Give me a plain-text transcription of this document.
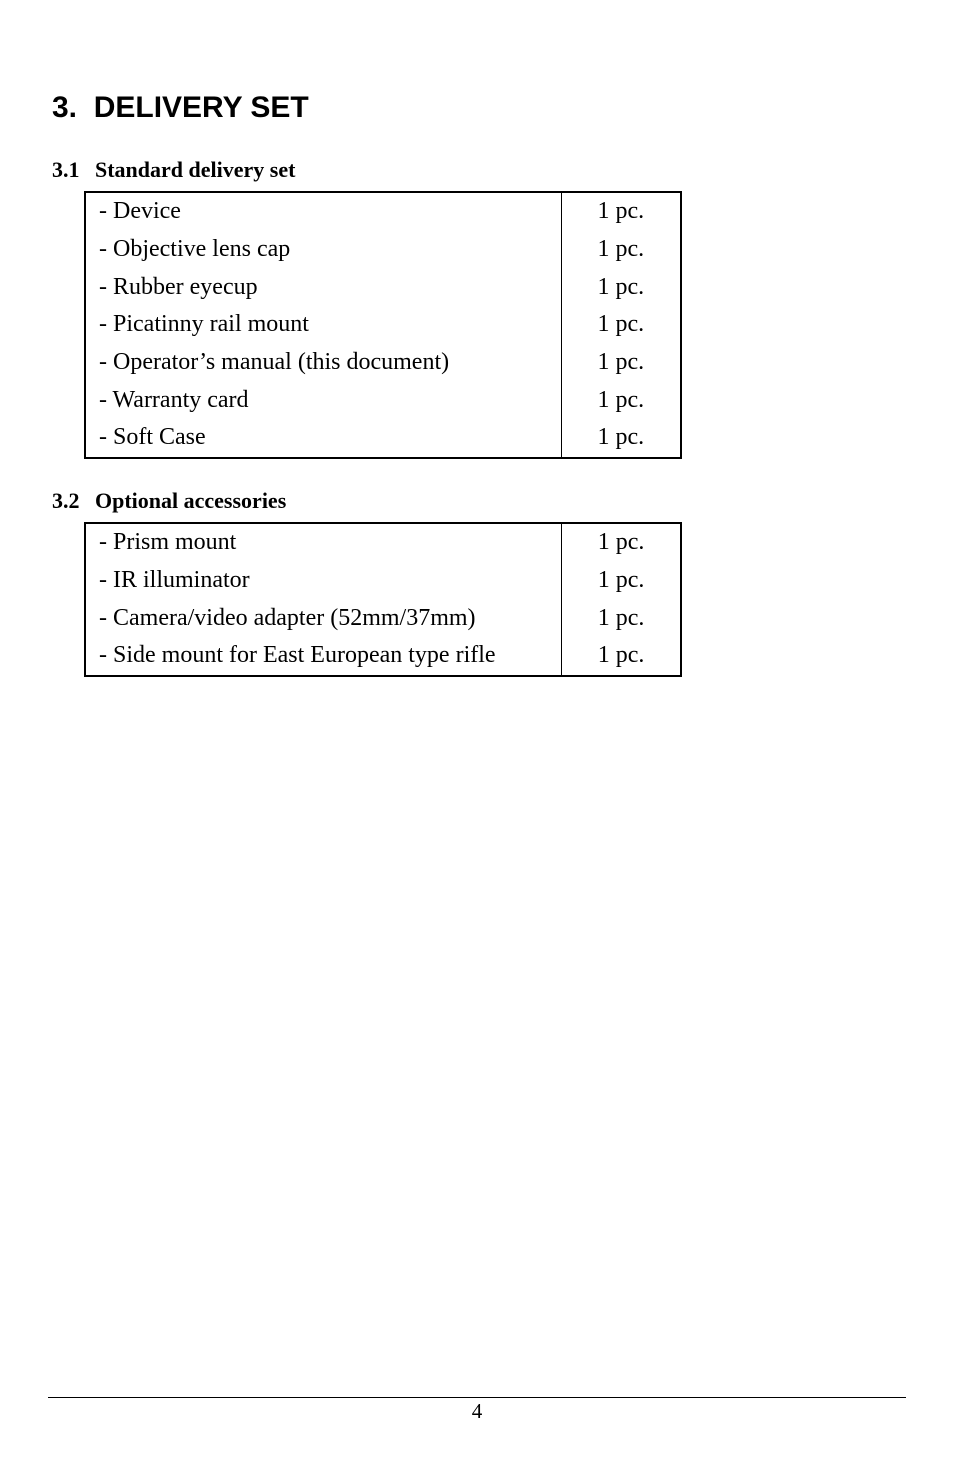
3. DELIVERY SET
3.1 Standard delivery set
- Device	1 pc.
- Objective lens cap	1 pc.
- Rubber eyecup	1 pc.
- Picatinny rail mount	1 pc.
- Operator’s manual (this document)	1 pc.
- Warranty card	1 pc.
- Soft Case	1 pc.
3.2 Optional accessories
- Prism mount	1 pc.
- IR illuminator	1 pc.
- Camera/video adapter (52mm/37mm)	1 pc.
- Side mount for East European type rifle	1 pc.
4
